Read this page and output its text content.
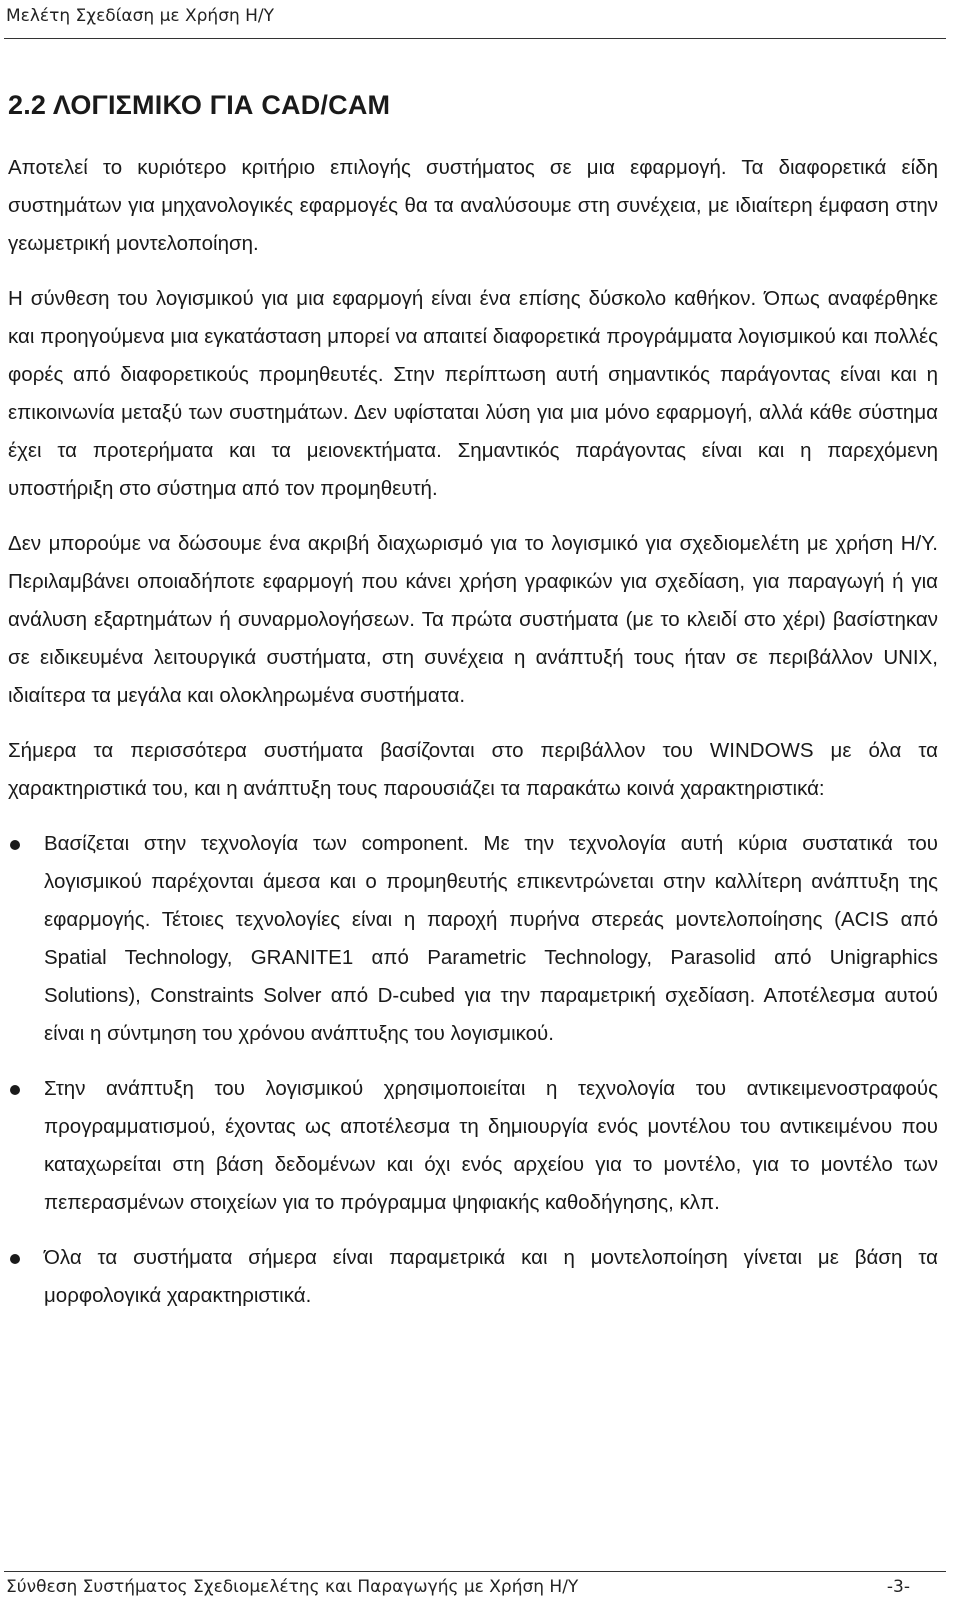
Μελέτη Σχεδίαση με Χρήση Η/Υ
2.2 ΛΟΓΙΣΜΙΚΟ ΓΙΑ CAD/CAM

Αποτελεί το κυριότερο κριτήριο επιλογής συστήματος σε μια εφαρμογή. Τα διαφορετικά είδη συστημάτων για μηχανολογικές εφαρμογές θα τα αναλύσουμε στη συνέχεια, με ιδιαίτερη έμφαση στην γεωμετρική μοντελοποίηση.

Η σύνθεση του λογισμικού για μια εφαρμογή είναι ένα επίσης δύσκολο καθήκον. Όπως αναφέρθηκε και προηγούμενα μια εγκατάσταση μπορεί να απαιτεί διαφορετικά προγράμματα λογισμικού και πολλές φορές από διαφορετικούς προμηθευτές. Στην περίπτωση αυτή σημαντικός παράγοντας είναι και η επικοινωνία μεταξύ των συστημάτων. Δεν υφίσταται λύση για μια μόνο εφαρμογή, αλλά κάθε σύστημα έχει τα προτερήματα και τα μειονεκτήματα. Σημαντικός παράγοντας είναι και η παρεχόμενη υποστήριξη στο σύστημα από τον προμηθευτή.

Δεν μπορούμε να δώσουμε ένα ακριβή διαχωρισμό για το λογισμικό για σχεδιομελέτη με χρήση Η/Υ. Περιλαμβάνει οποιαδήποτε εφαρμογή που κάνει χρήση γραφικών για σχεδίαση, για παραγωγή ή για ανάλυση εξαρτημάτων ή συναρμολογήσεων. Τα πρώτα συστήματα (με το κλειδί στο χέρι) βασίστηκαν σε ειδικευμένα λειτουργικά συστήματα, στη συνέχεια η ανάπτυξή τους ήταν σε περιβάλλον UNIX, ιδιαίτερα τα μεγάλα και ολοκληρωμένα συστήματα.

Σήμερα τα περισσότερα συστήματα βασίζονται στο περιβάλλον του WINDOWS με όλα τα χαρακτηριστικά του, και η ανάπτυξη τους παρουσιάζει τα παρακάτω κοινά χαρακτηριστικά:

Βασίζεται στην τεχνολογία των component. Με την τεχνολογία αυτή κύρια συστατικά του λογισμικού παρέχονται άμεσα και ο προμηθευτής επικεντρώνεται στην καλλίτερη ανάπτυξη της εφαρμογής. Τέτοιες τεχνολογίες είναι η παροχή πυρήνα στερεάς μοντελοποίησης (ACIS από Spatial Technology, GRANITE1 από Parametric Technology, Parasolid από Unigraphics Solutions), Constraints Solver από D-cubed για την παραμετρική σχεδίαση. Αποτέλεσμα αυτού είναι η σύντμηση του χρόνου ανάπτυξης του λογισμικού.
Στην ανάπτυξη του λογισμικού χρησιμοποιείται η τεχνολογία του αντικειμενοστραφούς προγραμματισμού, έχοντας ως αποτέλεσμα τη δημιουργία ενός μοντέλου του αντικειμένου που καταχωρείται στη βάση δεδομένων και όχι ενός αρχείου για το μοντέλο, για το μοντέλο των πεπερασμένων στοιχείων για το πρόγραμμα ψηφιακής καθοδήγησης, κλπ.
Όλα τα συστήματα σήμερα είναι παραμετρικά και η μοντελοποίηση γίνεται με βάση τα μορφολογικά χαρακτηριστικά.
Σύνθεση Συστήματος Σχεδιομελέτης και Παραγωγής με Χρήση Η/Υ	-3-
